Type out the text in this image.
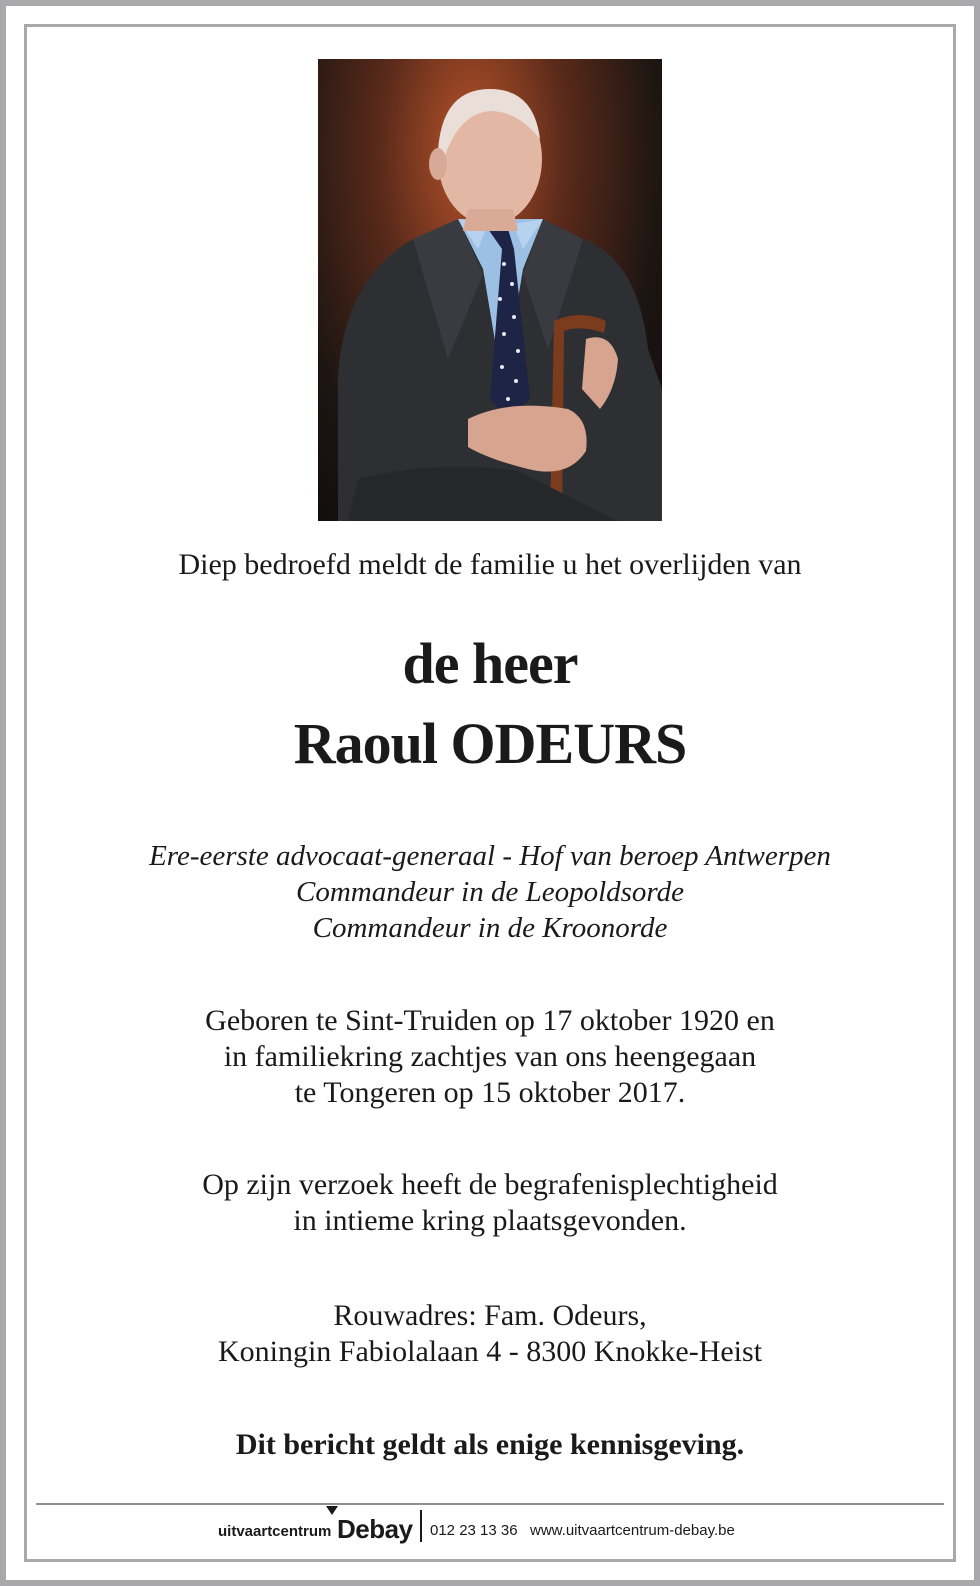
Diep bedroefd meldt de familie u het overlijden van
de heer
Raoul ODEURS
Ere-eerste advocaat-generaal - Hof van beroep Antwerpen
Commandeur in de Leopoldsorde
Commandeur in de Kroonorde
Geboren te Sint-Truiden op 17 oktober 1920 en
in familiekring zachtjes van ons heengegaan
te Tongeren op 15 oktober 2017.
Op zijn verzoek heeft de begrafenisplechtigheid
in intieme kring plaatsgevonden.
Rouwadres: Fam. Odeurs,
Koningin Fabiolalaan 4 - 8300 Knokke-Heist
Dit bericht geldt als enige kennisgeving.
uitvaartcentrum Debay 012 23 13 36 www.uitvaartcentrum-debay.be
